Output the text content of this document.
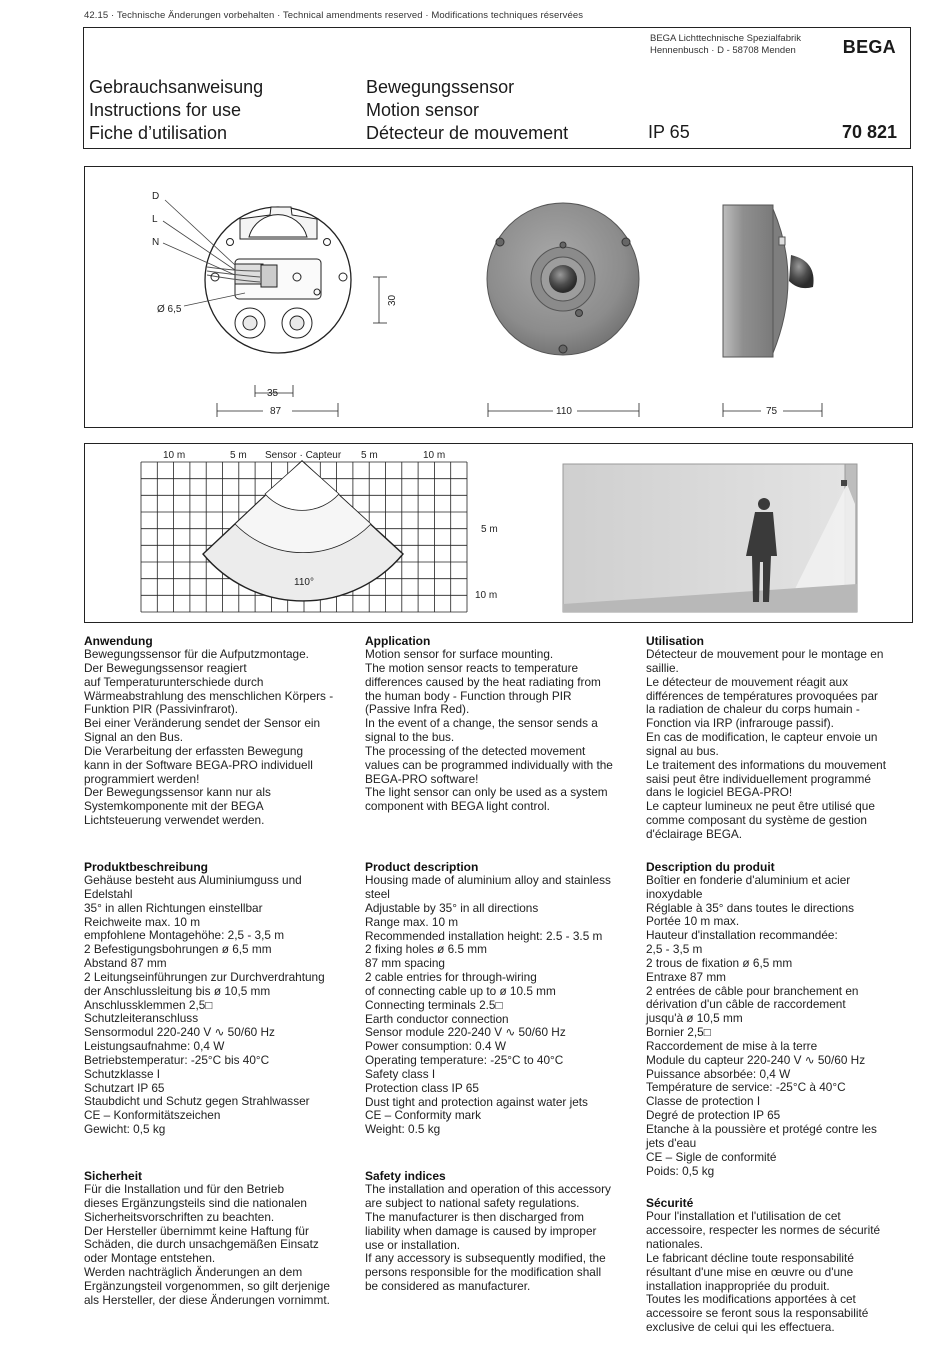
42.15 · Technische Änderungen vorbehalten · Technical amendments reserved · Modifications techniques réservées
BEGA Lichttechnische Spezialfabrik
Hennenbusch · D - 58708 Menden	BEGA
Gebrauchsanweisung
Instructions for use
Fiche d’utilisation
Bewegungssensor
Motion sensor
Détecteur de mouvement	IP 65	70 821
D
L
N
Ø 6,5
30
35
87	110	75
10 m	5 m Sensor · Capteur 5 m	10 m
110°
5 m
10 m
Anwendung
Bewegungssensor für die Aufputzmontage.
Der Bewegungssensor reagiert
auf Temperaturunterschiede durch
Wärmeabstrahlung des menschlichen Körpers -
Funktion PIR (Passivinfrarot).
Bei einer Veränderung sendet der Sensor ein
Signal an den Bus.
Die Verarbeitung der erfassten Bewegung
kann in der Software BEGA-PRO individuell
programmiert werden!
Der Bewegungssensor kann nur als
Systemkomponente mit der BEGA
Lichtsteuerung verwendet werden.
Produktbeschreibung
Gehäuse besteht aus Aluminiumguss und
Edelstahl
35° in allen Richtungen einstellbar
Reichweite max. 10 m
empfohlene Montagehöhe: 2,5 - 3,5 m
2 Befestigungsbohrungen ø 6,5 mm
Abstand 87 mm
2 Leitungseinführungen zur Durchverdrahtung
der Anschlussleitung bis ø 10,5 mm
Anschlussklemmen 2,5□
Schutzleiteranschluss
Sensormodul 220-240 V ∿ 50/60 Hz
Leistungsaufnahme: 0,4 W
Betriebstemperatur: -25°C bis 40°C
Schutzklasse I
Schutzart IP 65
Staubdicht und Schutz gegen Strahlwasser
CE – Konformitätszeichen
Gewicht: 0,5 kg
Sicherheit
Für die Installation und für den Betrieb
dieses Ergänzungsteils sind die nationalen
Sicherheitsvorschriften zu beachten.
Der Hersteller übernimmt keine Haftung für
Schäden, die durch unsachgemäßen Einsatz
oder Montage entstehen.
Werden nachträglich Änderungen an dem
Ergänzungsteil vorgenommen, so gilt derjenige
als Hersteller, der diese Änderungen vornimmt.
Application
Motion sensor for surface mounting.
The motion sensor reacts to temperature
differences caused by the heat radiating from
the human body - Function through PIR
(Passive Infra Red).
In the event of a change, the sensor sends a
signal to the bus.
The processing of the detected movement
values can be programmed individually with the
BEGA-PRO software!
The light sensor can only be used as a system
component with BEGA light control.
Product description
Housing made of aluminium alloy and stainless
steel
Adjustable by 35° in all directions
Range max. 10 m
Recommended installation height: 2.5 - 3.5 m
2 fixing holes ø 6.5 mm
87 mm spacing
2 cable entries for through-wiring
of connecting cable up to ø 10.5 mm
Connecting terminals 2.5□
Earth conductor connection
Sensor module 220-240 V ∿ 50/60 Hz
Power consumption: 0.4 W
Operating temperature: -25°C to 40°C
Safety class I
Protection class IP 65
Dust tight and protection against water jets
CE – Conformity mark
Weight: 0.5 kg
Safety indices
The installation and operation of this accessory
are subject to national safety regulations.
The manufacturer is then discharged from
liability when damage is caused by improper
use or installation.
If any accessory is subsequently modified, the
persons responsible for the modification shall
be considered as manufacturer.
Utilisation
Détecteur de mouvement pour le montage en
saillie.
Le détecteur de mouvement réagit aux
différences de températures provoquées par
la radiation de chaleur du corps humain -
Fonction via IRP (infrarouge passif).
En cas de modification, le capteur envoie un
signal au bus.
Le traitement des informations du mouvement
saisi peut être individuellement programmé
dans le logiciel BEGA-PRO!
Le capteur lumineux ne peut être utilisé que
comme composant du système de gestion
d'éclairage BEGA.
Description du produit
Boîtier en fonderie d'aluminium et acier
inoxydable
Réglable à 35° dans toutes le directions
Portée 10 m max.
Hauteur d'installation recommandée:
2,5 - 3,5 m
2 trous de fixation ø 6,5 mm
Entraxe 87 mm
2 entrées de câble pour branchement en
dérivation d'un câble de raccordement
jusqu'à ø 10,5 mm
Bornier 2,5□
Raccordement de mise à la terre
Module du capteur 220-240 V ∿ 50/60 Hz
Puissance absorbée: 0,4 W
Température de service: -25°C à 40°C
Classe de protection I
Degré de protection IP 65
Etanche à la poussière et protégé contre les
jets d'eau
CE – Sigle de conformité
Poids: 0,5 kg
Sécurité
Pour l'installation et l'utilisation de cet
accessoire, respecter les normes de sécurité
nationales.
Le fabricant décline toute responsabilité
résultant d'une mise en œuvre ou d'une
installation inappropriée du produit.
Toutes les modifications apportées à cet
accessoire se feront sous la responsabilité
exclusive de celui qui les effectuera.
